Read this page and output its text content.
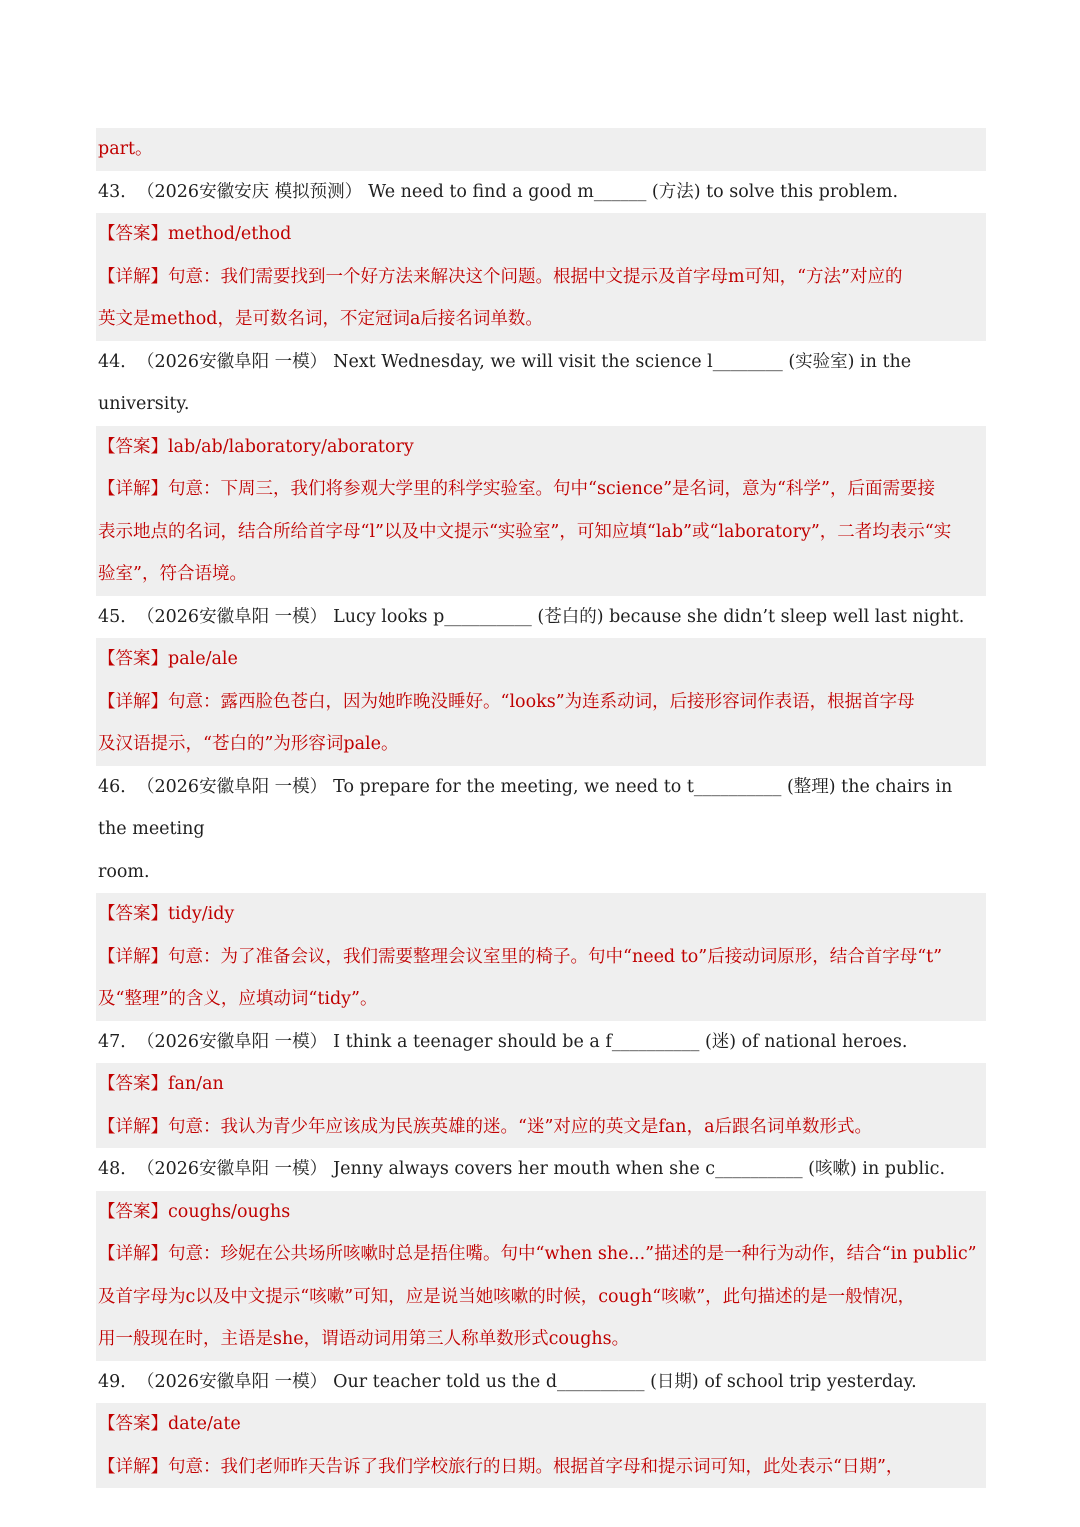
part。
43． （2026安徽安庆 模拟预测） We need to find a good m______ (方法) to solve this problem.
【答案】method/ethod
【详解】句意：我们需要找到一个好方法来解决这个问题。根据中文提示及首字母m可知，“方法”对应的
英文是method，是可数名词，不定冠词a后接名词单数。
44． （2026安徽阜阳 一模） Next Wednesday, we will visit the science l________ (实验室) in the university.
【答案】lab/ab/laboratory/aboratory
【详解】句意：下周三，我们将参观大学里的科学实验室。句中“science”是名词，意为“科学”，后面需要接
表示地点的名词，结合所给首字母“l”以及中文提示“实验室”，可知应填“lab”或“laboratory”，二者均表示“实
验室”，符合语境。
45． （2026安徽阜阳 一模） Lucy looks p__________ (苍白的) because she didn’t sleep well last night.
【答案】pale/ale
【详解】句意：露西脸色苍白，因为她昨晚没睡好。“looks”为连系动词，后接形容词作表语，根据首字母
及汉语提示，“苍白的”为形容词pale。
46． （2026安徽阜阳 一模） To prepare for the meeting, we need to t__________ (整理) the chairs in the meeting
room.
【答案】tidy/idy
【详解】句意：为了准备会议，我们需要整理会议室里的椅子。句中“need to”后接动词原形，结合首字母“t”
及“整理”的含义，应填动词“tidy”。
47． （2026安徽阜阳 一模） I think a teenager should be a f__________ (迷) of national heroes.
【答案】fan/an
【详解】句意：我认为青少年应该成为民族英雄的迷。“迷”对应的英文是fan，a后跟名词单数形式。
48． （2026安徽阜阳 一模） Jenny always covers her mouth when she c__________ (咳嗽) in public.
【答案】coughs/oughs
【详解】句意：珍妮在公共场所咳嗽时总是捂住嘴。句中“when she...”描述的是一种行为动作，结合“in public”
及首字母为c以及中文提示“咳嗽”可知，应是说当她咳嗽的时候，cough“咳嗽”，此句描述的是一般情况，
用一般现在时，主语是she，谓语动词用第三人称单数形式coughs。
49． （2026安徽阜阳 一模） Our teacher told us the d__________ (日期) of school trip yesterday.
【答案】date/ate
【详解】句意：我们老师昨天告诉了我们学校旅行的日期。根据首字母和提示词可知，此处表示“日期”，
